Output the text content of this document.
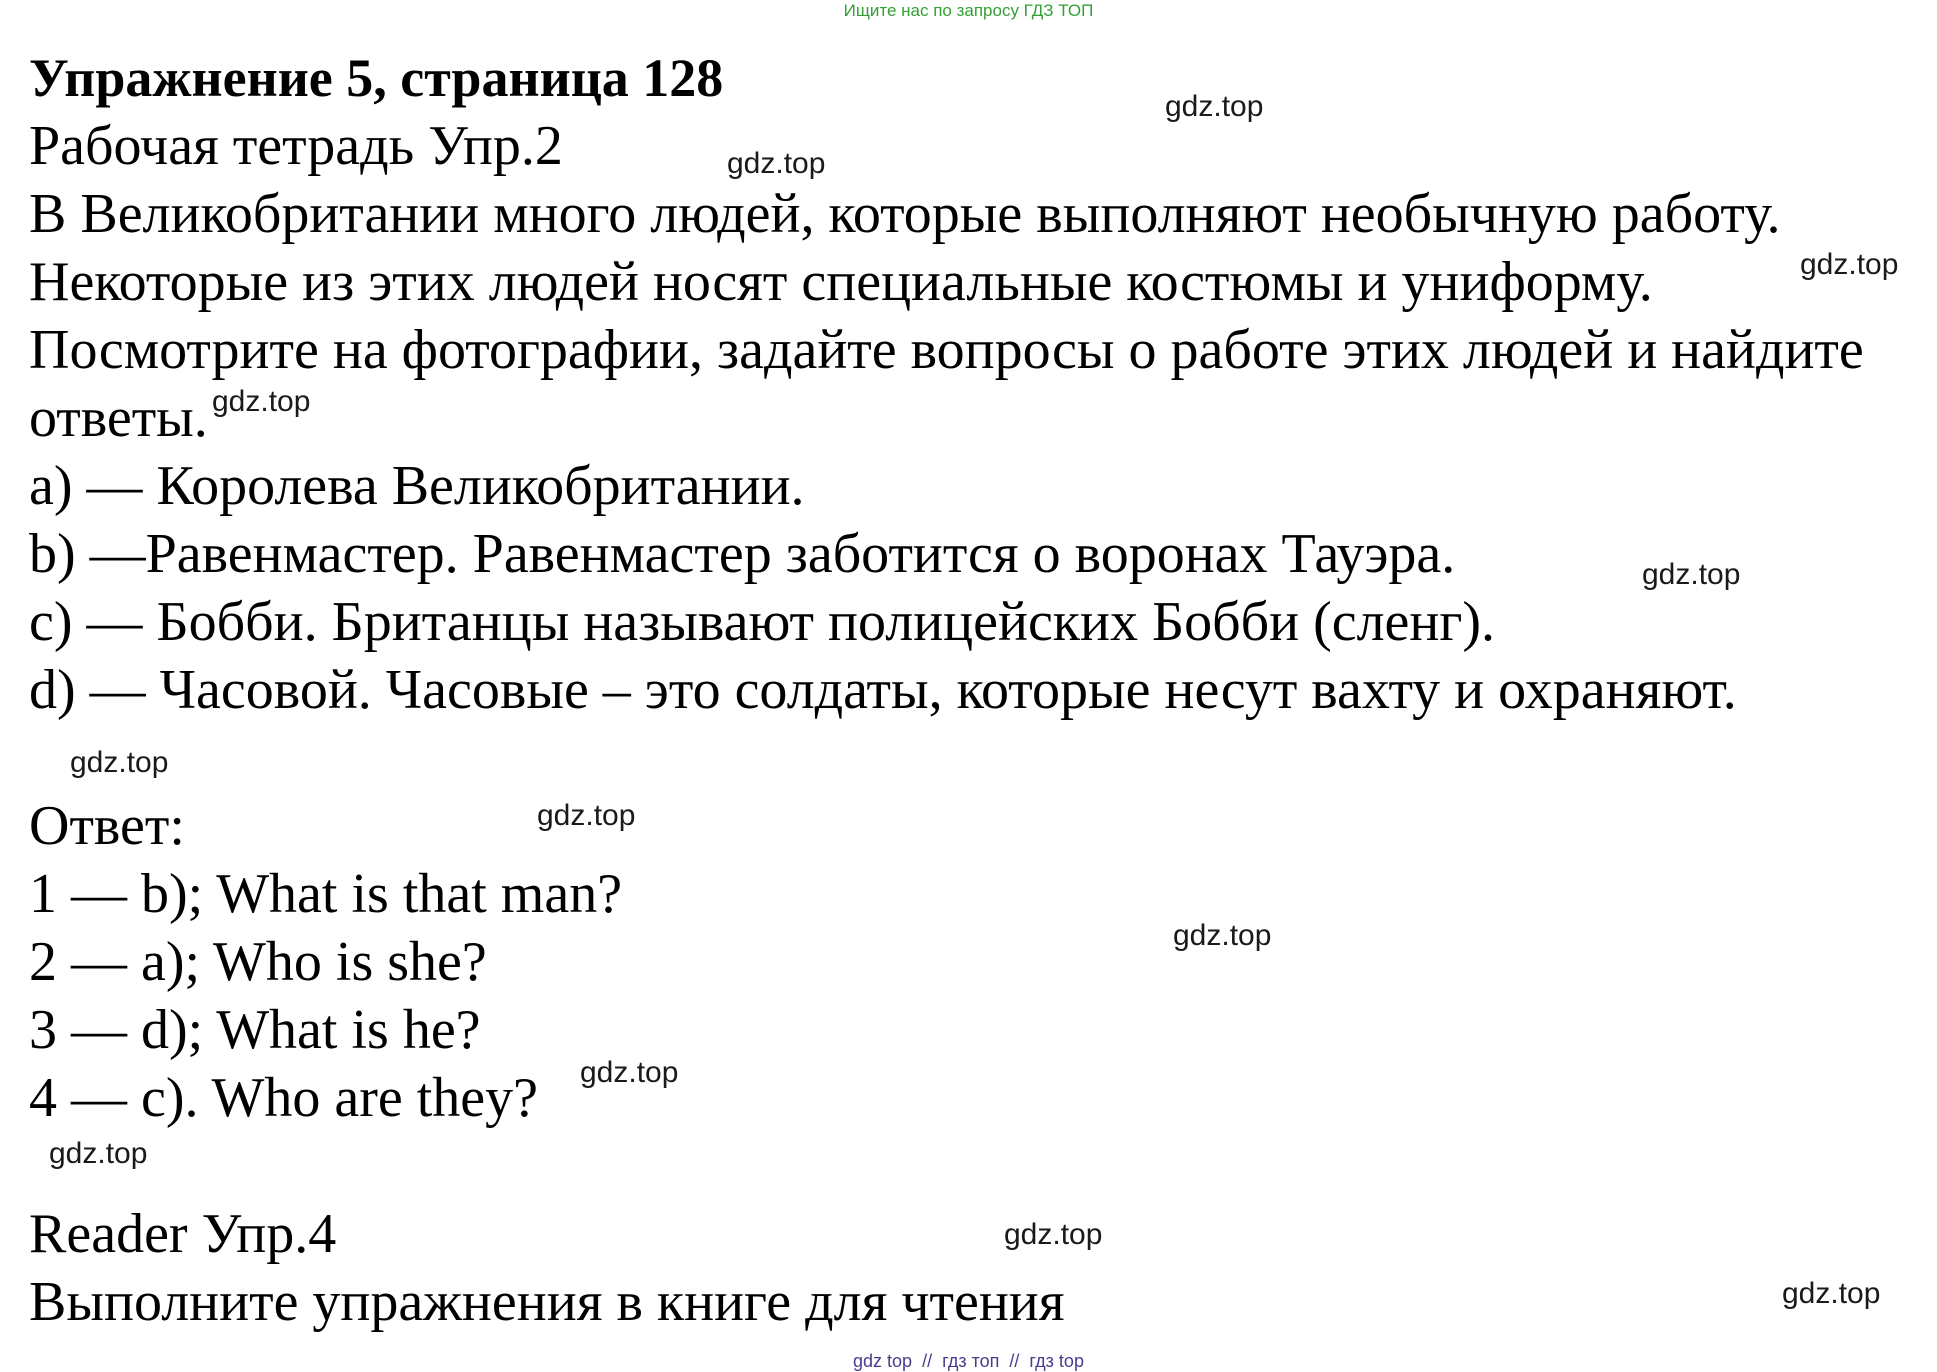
Ищите нас по запросу ГДЗ ТОП
Упражнение 5, страница 128
Рабочая тетрадь Упр.2
В Великобритании много людей, которые выполняют необычную работу.
Некоторые из этих людей носят специальные костюмы и униформу.
Посмотрите на фотографии, задайте вопросы о работе этих людей и найдите
ответы.
a) — Королева Великобритании.
b) —Равенмастер. Равенмастер заботится о воронах Тауэра.
c) — Бобби. Британцы называют полицейских Бобби (сленг).
d) — Часовой. Часовые – это солдаты, которые несут вахту и охраняют.
Ответ:
1 — b); What is that man?
2 — a); Who is she?
3 — d); What is he?
4 — c). Who are they?
Reader Упр.4
Выполните упражнения в книге для чтения
gdz.top
gdz.top
gdz.top
gdz.top
gdz.top
gdz.top
gdz.top
gdz.top
gdz.top
gdz.top
gdz.top
gdz.top
gdz top // гдз топ // гдз top
